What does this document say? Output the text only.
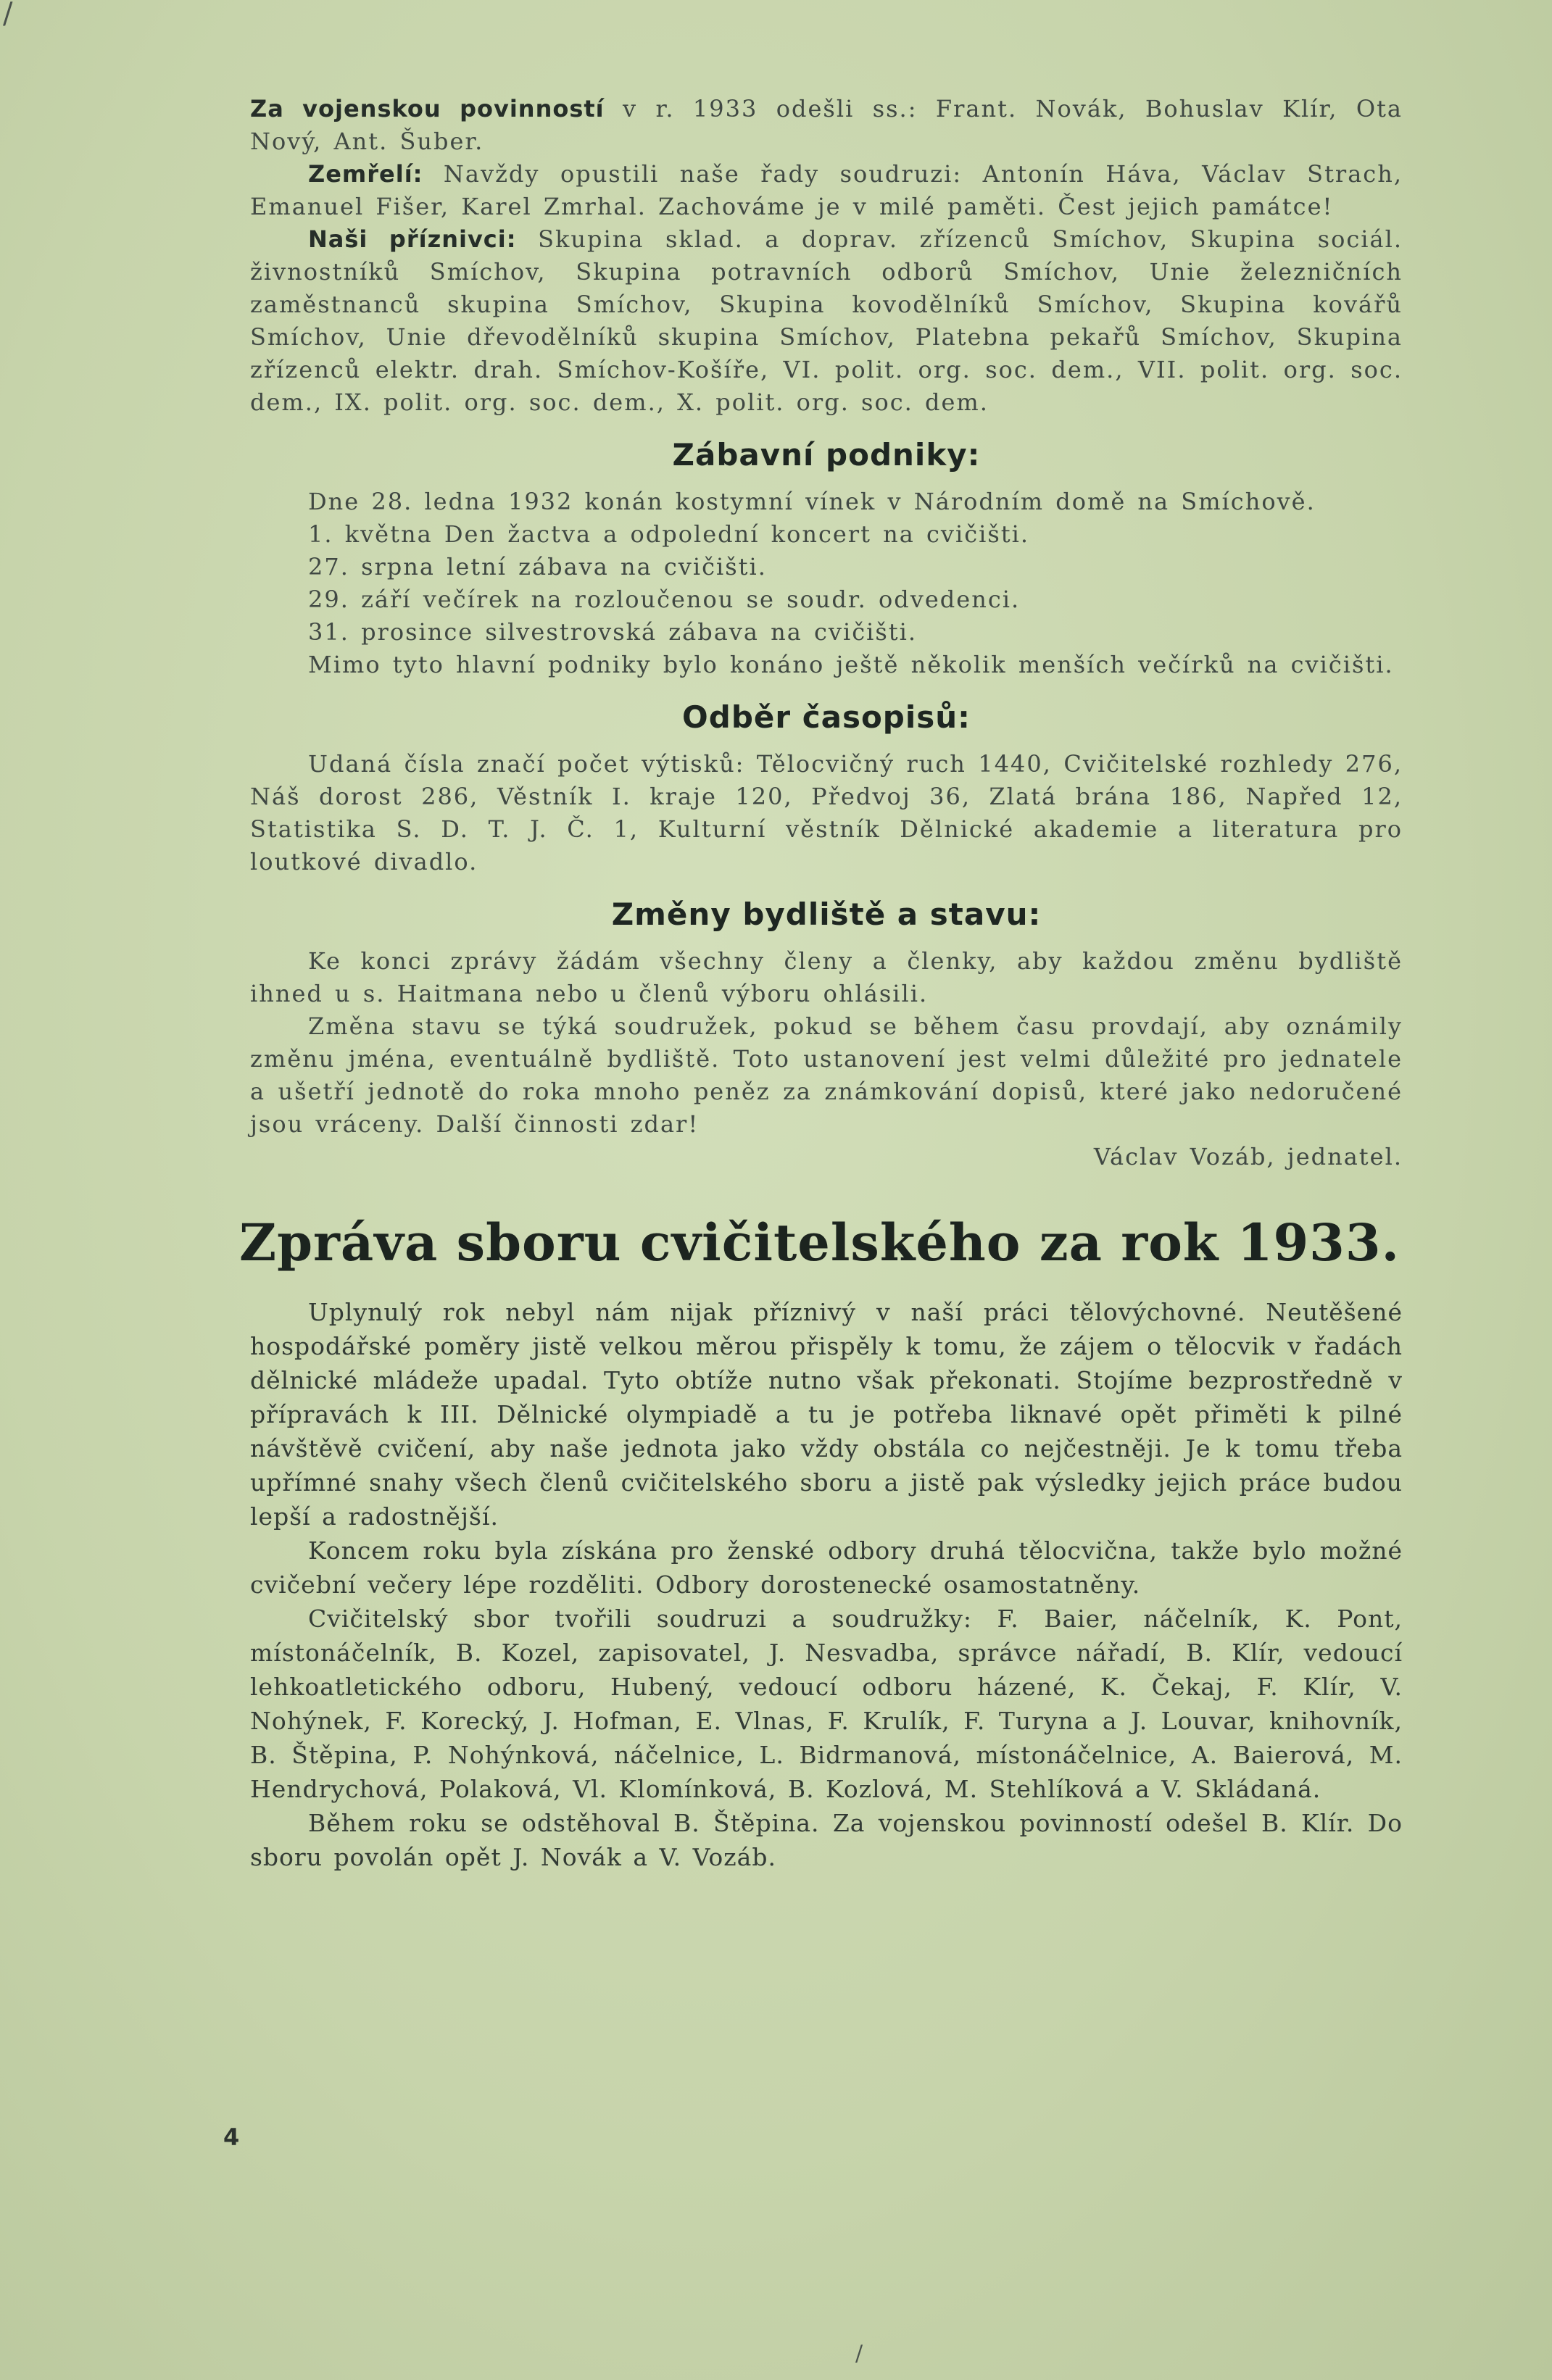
/

Za vojenskou povinností v r. 1933 odešli ss.: Frant. Novák, Bohuslav Klír, Ota Nový, Ant. Šuber.

Zemřelí: Navždy opustili naše řady soudruzi: Antonín Háva, Václav Strach, Emanuel Fišer, Karel Zmrhal. Zachováme je v milé paměti. Čest jejich památce!

Naši příznivci: Skupina sklad. a doprav. zřízenců Smíchov, Skupina sociál. živnostníků Smíchov, Skupina potravních odborů Smíchov, Unie železničních zaměstnanců skupina Smíchov, Skupina kovodělníků Smíchov, Skupina kovářů Smíchov, Unie dřevodělníků skupina Smíchov, Platebna pekařů Smíchov, Skupina zřízenců elektr. drah. Smíchov-Košíře, VI. polit. org. soc. dem., VII. polit. org. soc. dem., IX. polit. org. soc. dem., X. polit. org. soc. dem.

Zábavní podniky:

Dne 28. ledna 1932 konán kostymní vínek v Národním domě na Smíchově.

1. května Den žactva a odpolední koncert na cvičišti.

27. srpna letní zábava na cvičišti.

29. září večírek na rozloučenou se soudr. odvedenci.

31. prosince silvestrovská zábava na cvičišti.

Mimo tyto hlavní podniky bylo konáno ještě několik menších večírků na cvičišti.

Odběr časopisů:

Udaná čísla značí počet výtisků: Tělocvičný ruch 1440, Cvičitelské rozhledy 276, Náš dorost 286, Věstník I. kraje 120, Předvoj 36, Zlatá brána 186, Napřed 12, Statistika S. D. T. J. Č. 1, Kulturní věstník Dělnické akademie a literatura pro loutkové divadlo.

Změny bydliště a stavu:

Ke konci zprávy žádám všechny členy a členky, aby každou změnu bydliště ihned u s. Haitmana nebo u členů výboru ohlásili.

Změna stavu se týká soudružek, pokud se během času provdají, aby oznámily změnu jména, eventuálně bydliště. Toto ustanovení jest velmi důležité pro jednatele a ušetří jednotě do roka mnoho peněz za známkování dopisů, které jako nedoručené jsou vráceny. Další činnosti zdar!

Václav Vozáb, jednatel.
Zpráva sboru cvičitelského za rok 1933.

Uplynulý rok nebyl nám nijak příznivý v naší práci tělovýchovné. Neutěšené hospodářské poměry jistě velkou měrou přispěly k tomu, že zájem o tělocvik v řadách dělnické mládeže upadal. Tyto obtíže nutno však překonati. Stojíme bezprostředně v přípravách k III. Dělnické olympiadě a tu je potřeba liknavé opět přiměti k pilné návštěvě cvičení, aby naše jednota jako vždy obstála co nejčestněji. Je k tomu třeba upřímné snahy všech členů cvičitelského sboru a jistě pak výsledky jejich práce budou lepší a radostnější.

Koncem roku byla získána pro ženské odbory druhá tělocvična, takže bylo možné cvičební večery lépe rozděliti. Odbory dorostenecké osamostatněny.

Cvičitelský sbor tvořili soudruzi a soudružky: F. Baier, náčelník, K. Pont, místonáčelník, B. Kozel, zapisovatel, J. Nesvadba, správce nářadí, B. Klír, vedoucí lehkoatletického odboru, Hubený, vedoucí odboru házené, K. Čekaj, F. Klír, V. Nohýnek, F. Korecký, J. Hofman, E. Vlnas, F. Krulík, F. Turyna a J. Louvar, knihovník, B. Štěpina, P. Nohýnková, náčelnice, L. Bidrmanová, místonáčelnice, A. Baierová, M. Hendrychová, Polaková, Vl. Klomínková, B. Kozlová, M. Stehlíková a V. Skládaná.

Během roku se odstěhoval B. Štěpina. Za vojenskou povinností odešel B. Klír. Do sboru povolán opět J. Novák a V. Vozáb.

4
/
